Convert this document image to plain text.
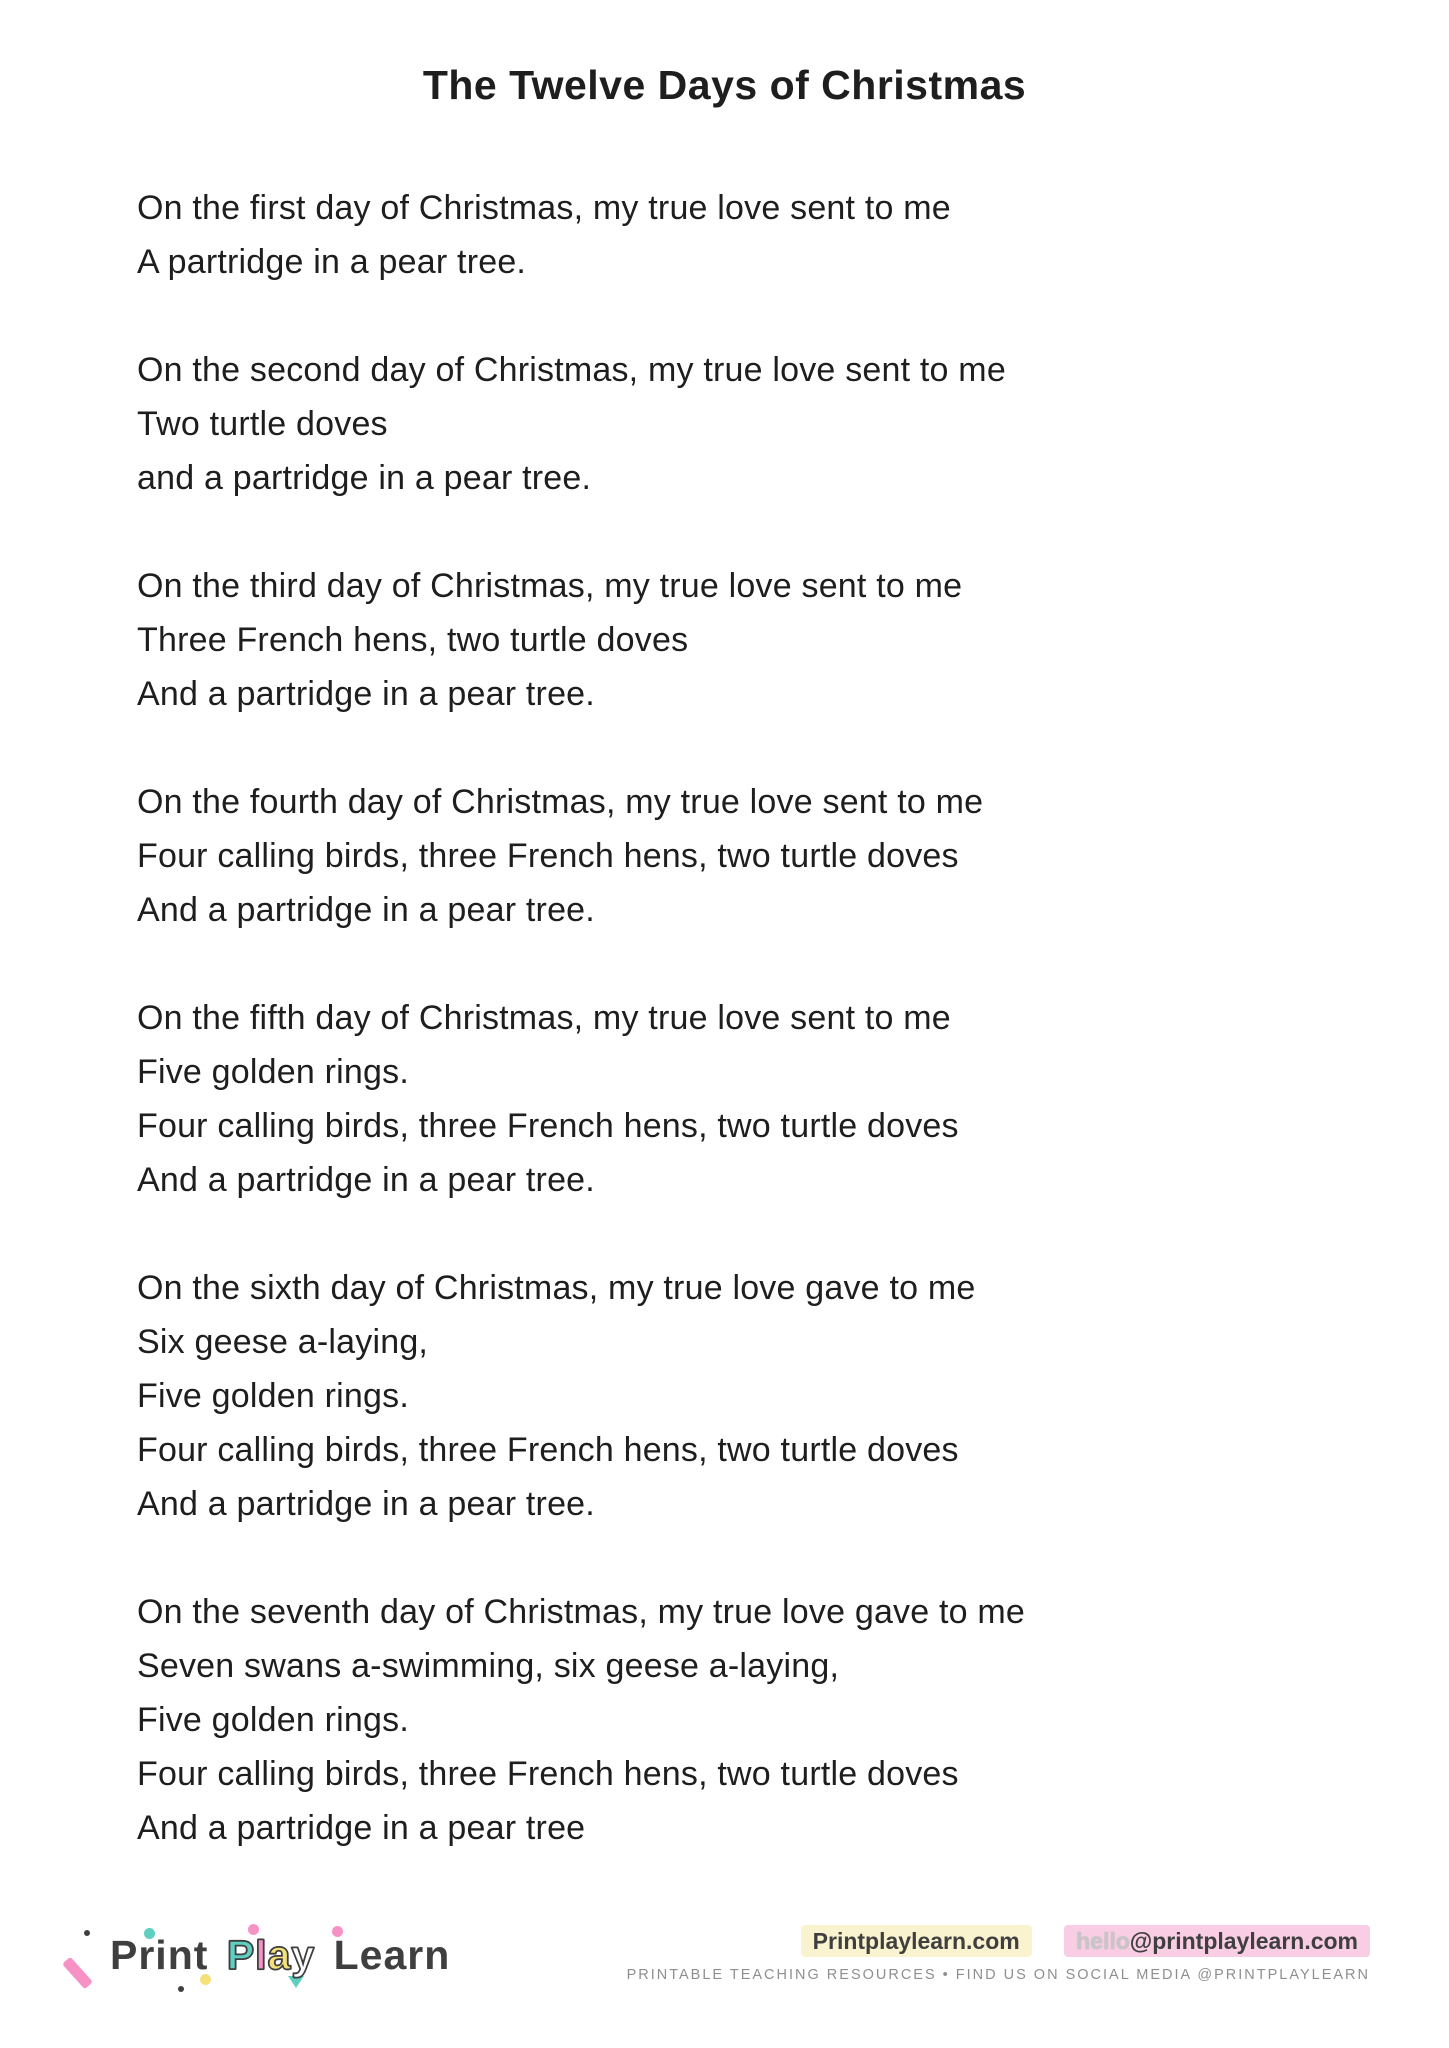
The Twelve Days of Christmas

On the first day of Christmas, my true love sent to me

A partridge in a pear tree.

On the second day of Christmas, my true love sent to me

Two turtle doves

and a partridge in a pear tree.

On the third day of Christmas, my true love sent to me

Three French hens, two turtle doves

And a partridge in a pear tree.

On the fourth day of Christmas, my true love sent to me

Four calling birds, three French hens, two turtle doves

And a partridge in a pear tree.

On the fifth day of Christmas, my true love sent to me

Five golden rings.

Four calling birds, three French hens, two turtle doves

And a partridge in a pear tree.

On the sixth day of Christmas, my true love gave to me

Six geese a-laying,

Five golden rings.

Four calling birds, three French hens, two turtle doves

And a partridge in a pear tree.

On the seventh day of Christmas, my true love gave to me

Seven swans a-swimming, six geese a-laying,

Five golden rings.

Four calling birds, three French hens, two turtle doves

And a partridge in a pear tree

Print Play Learn	Printplaylearn.com hello@printplaylearn.com
PRINTABLE TEACHING RESOURCES • FIND US ON SOCIAL MEDIA @PRINTPLAYLEARN
